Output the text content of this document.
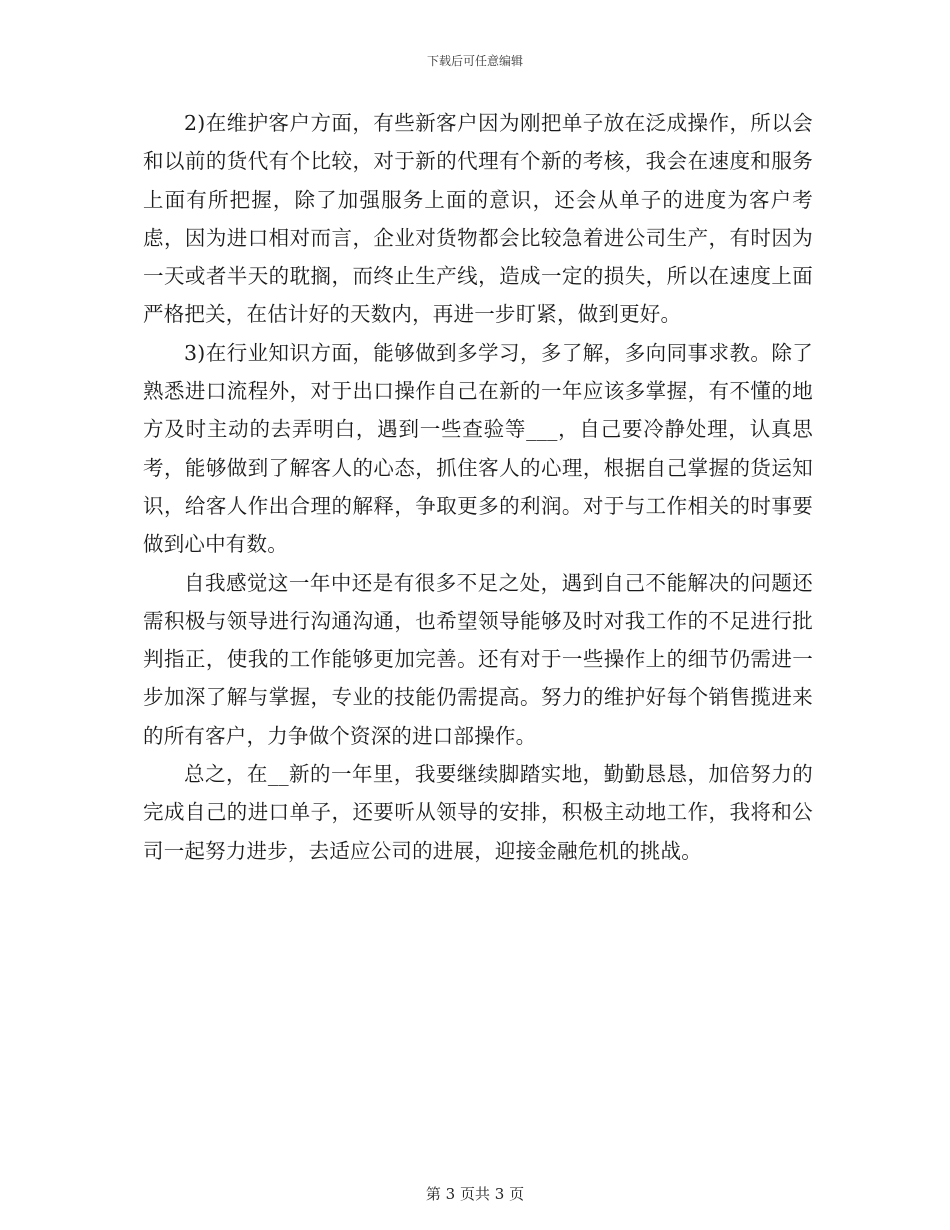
下载后可任意编辑

2)在维护客户方面，有些新客户因为刚把单子放在泛成操作，所以会和以前的货代有个比较，对于新的代理有个新的考核，我会在速度和服务上面有所把握，除了加强服务上面的意识，还会从单子的进度为客户考虑，因为进口相对而言，企业对货物都会比较急着进公司生产，有时因为一天或者半天的耽搁，而终止生产线，造成一定的损失，所以在速度上面严格把关，在估计好的天数内，再进一步盯紧，做到更好。

3)在行业知识方面，能够做到多学习，多了解，多向同事求教。除了熟悉进口流程外，对于出口操作自己在新的一年应该多掌握，有不懂的地方及时主动的去弄明白，遇到一些查验等___，自己要冷静处理，认真思考，能够做到了解客人的心态，抓住客人的心理，根据自己掌握的货运知识，给客人作出合理的解释，争取更多的利润。对于与工作相关的时事要做到心中有数。

自我感觉这一年中还是有很多不足之处，遇到自己不能解决的问题还需积极与领导进行沟通沟通，也希望领导能够及时对我工作的不足进行批判指正，使我的工作能够更加完善。还有对于一些操作上的细节仍需进一步加深了解与掌握，专业的技能仍需提高。努力的维护好每个销售揽进来的所有客户，力争做个资深的进口部操作。

总之，在__新的一年里，我要继续脚踏实地，勤勤恳恳，加倍努力的完成自己的进口单子，还要听从领导的安排，积极主动地工作，我将和公司一起努力进步，去适应公司的进展，迎接金融危机的挑战。

第 3 页共 3 页
